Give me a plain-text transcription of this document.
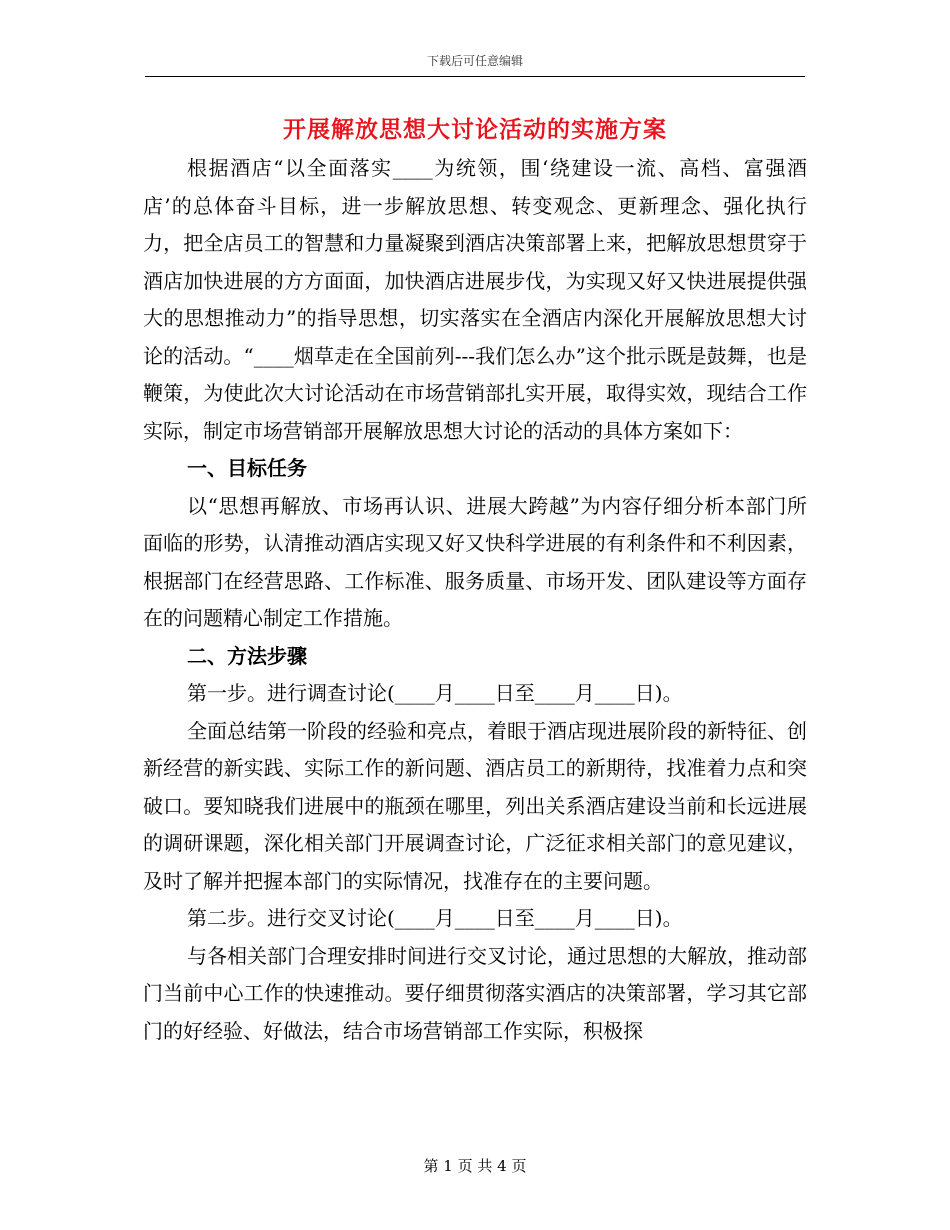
下载后可任意编辑
开展解放思想大讨论活动的实施方案

根据酒店“以全面落实____为统领，围‘绕建设一流、高档、富强酒店’的总体奋斗目标，进一步解放思想、转变观念、更新理念、强化执行力，把全店员工的智慧和力量凝聚到酒店决策部署上来，把解放思想贯穿于酒店加快进展的方方面面，加快酒店进展步伐，为实现又好又快进展提供强大的思想推动力”的指导思想，切实落实在全酒店内深化开展解放思想大讨论的活动。“____烟草走在全国前列---我们怎么办”这个批示既是鼓舞，也是鞭策，为使此次大讨论活动在市场营销部扎实开展，取得实效，现结合工作实际，制定市场营销部开展解放思想大讨论的活动的具体方案如下：

一、目标任务

以“思想再解放、市场再认识、进展大跨越”为内容仔细分析本部门所面临的形势，认清推动酒店实现又好又快科学进展的有利条件和不利因素，根据部门在经营思路、工作标准、服务质量、市场开发、团队建设等方面存在的问题精心制定工作措施。

二、方法步骤

第一步。进行调查讨论(____月____日至____月____日)。

全面总结第一阶段的经验和亮点，着眼于酒店现进展阶段的新特征、创新经营的新实践、实际工作的新问题、酒店员工的新期待，找准着力点和突破口。要知晓我们进展中的瓶颈在哪里，列出关系酒店建设当前和长远进展的调研课题，深化相关部门开展调查讨论，广泛征求相关部门的意见建议，及时了解并把握本部门的实际情况，找准存在的主要问题。

第二步。进行交叉讨论(____月____日至____月____日)。

与各相关部门合理安排时间进行交叉讨论，通过思想的大解放，推动部门当前中心工作的快速推动。要仔细贯彻落实酒店的决策部署，学习其它部门的好经验、好做法，结合市场营销部工作实际，积极探

第 1 页 共 4 页
